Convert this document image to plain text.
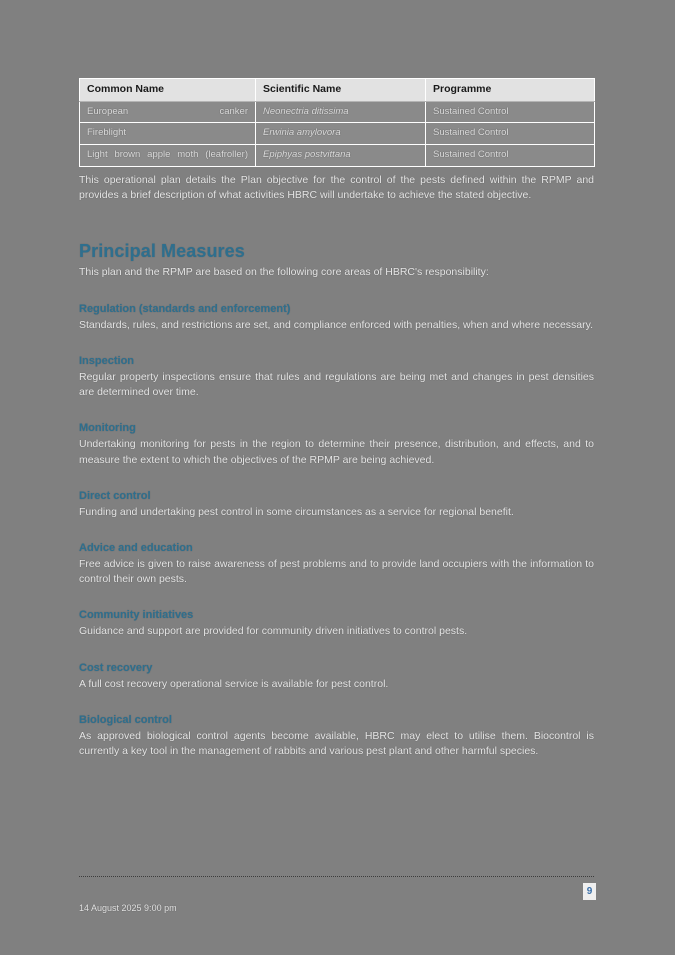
Common Name	Scientific Name	Programme
European canker	Neonectria ditissima	Sustained Control
Fireblight	Erwinia amylovora	Sustained Control
Light brown apple moth (leafroller)	Epiphyas postvittana	Sustained Control

This operational plan details the Plan objective for the control of the pests defined within the RPMP and provides a brief description of what activities HBRC will undertake to achieve the stated objective.

Principal Measures

This plan and the RPMP are based on the following core areas of HBRC's responsibility:

Regulation (standards and enforcement)

Standards, rules, and restrictions are set, and compliance enforced with penalties, when and where necessary.

Inspection

Regular property inspections ensure that rules and regulations are being met and changes in pest densities are determined over time.

Monitoring

Undertaking monitoring for pests in the region to determine their presence, distribution, and effects, and to measure the extent to which the objectives of the RPMP are being achieved.

Direct control

Funding and undertaking pest control in some circumstances as a service for regional benefit.

Advice and education

Free advice is given to raise awareness of pest problems and to provide land occupiers with the information to control their own pests.

Community initiatives

Guidance and support are provided for community driven initiatives to control pests.

Cost recovery

A full cost recovery operational service is available for pest control.

Biological control

As approved biological control agents become available, HBRC may elect to utilise them. Biocontrol is currently a key tool in the management of rabbits and various pest plant and other harmful species.

9
14 August 2025 9:00 pm
